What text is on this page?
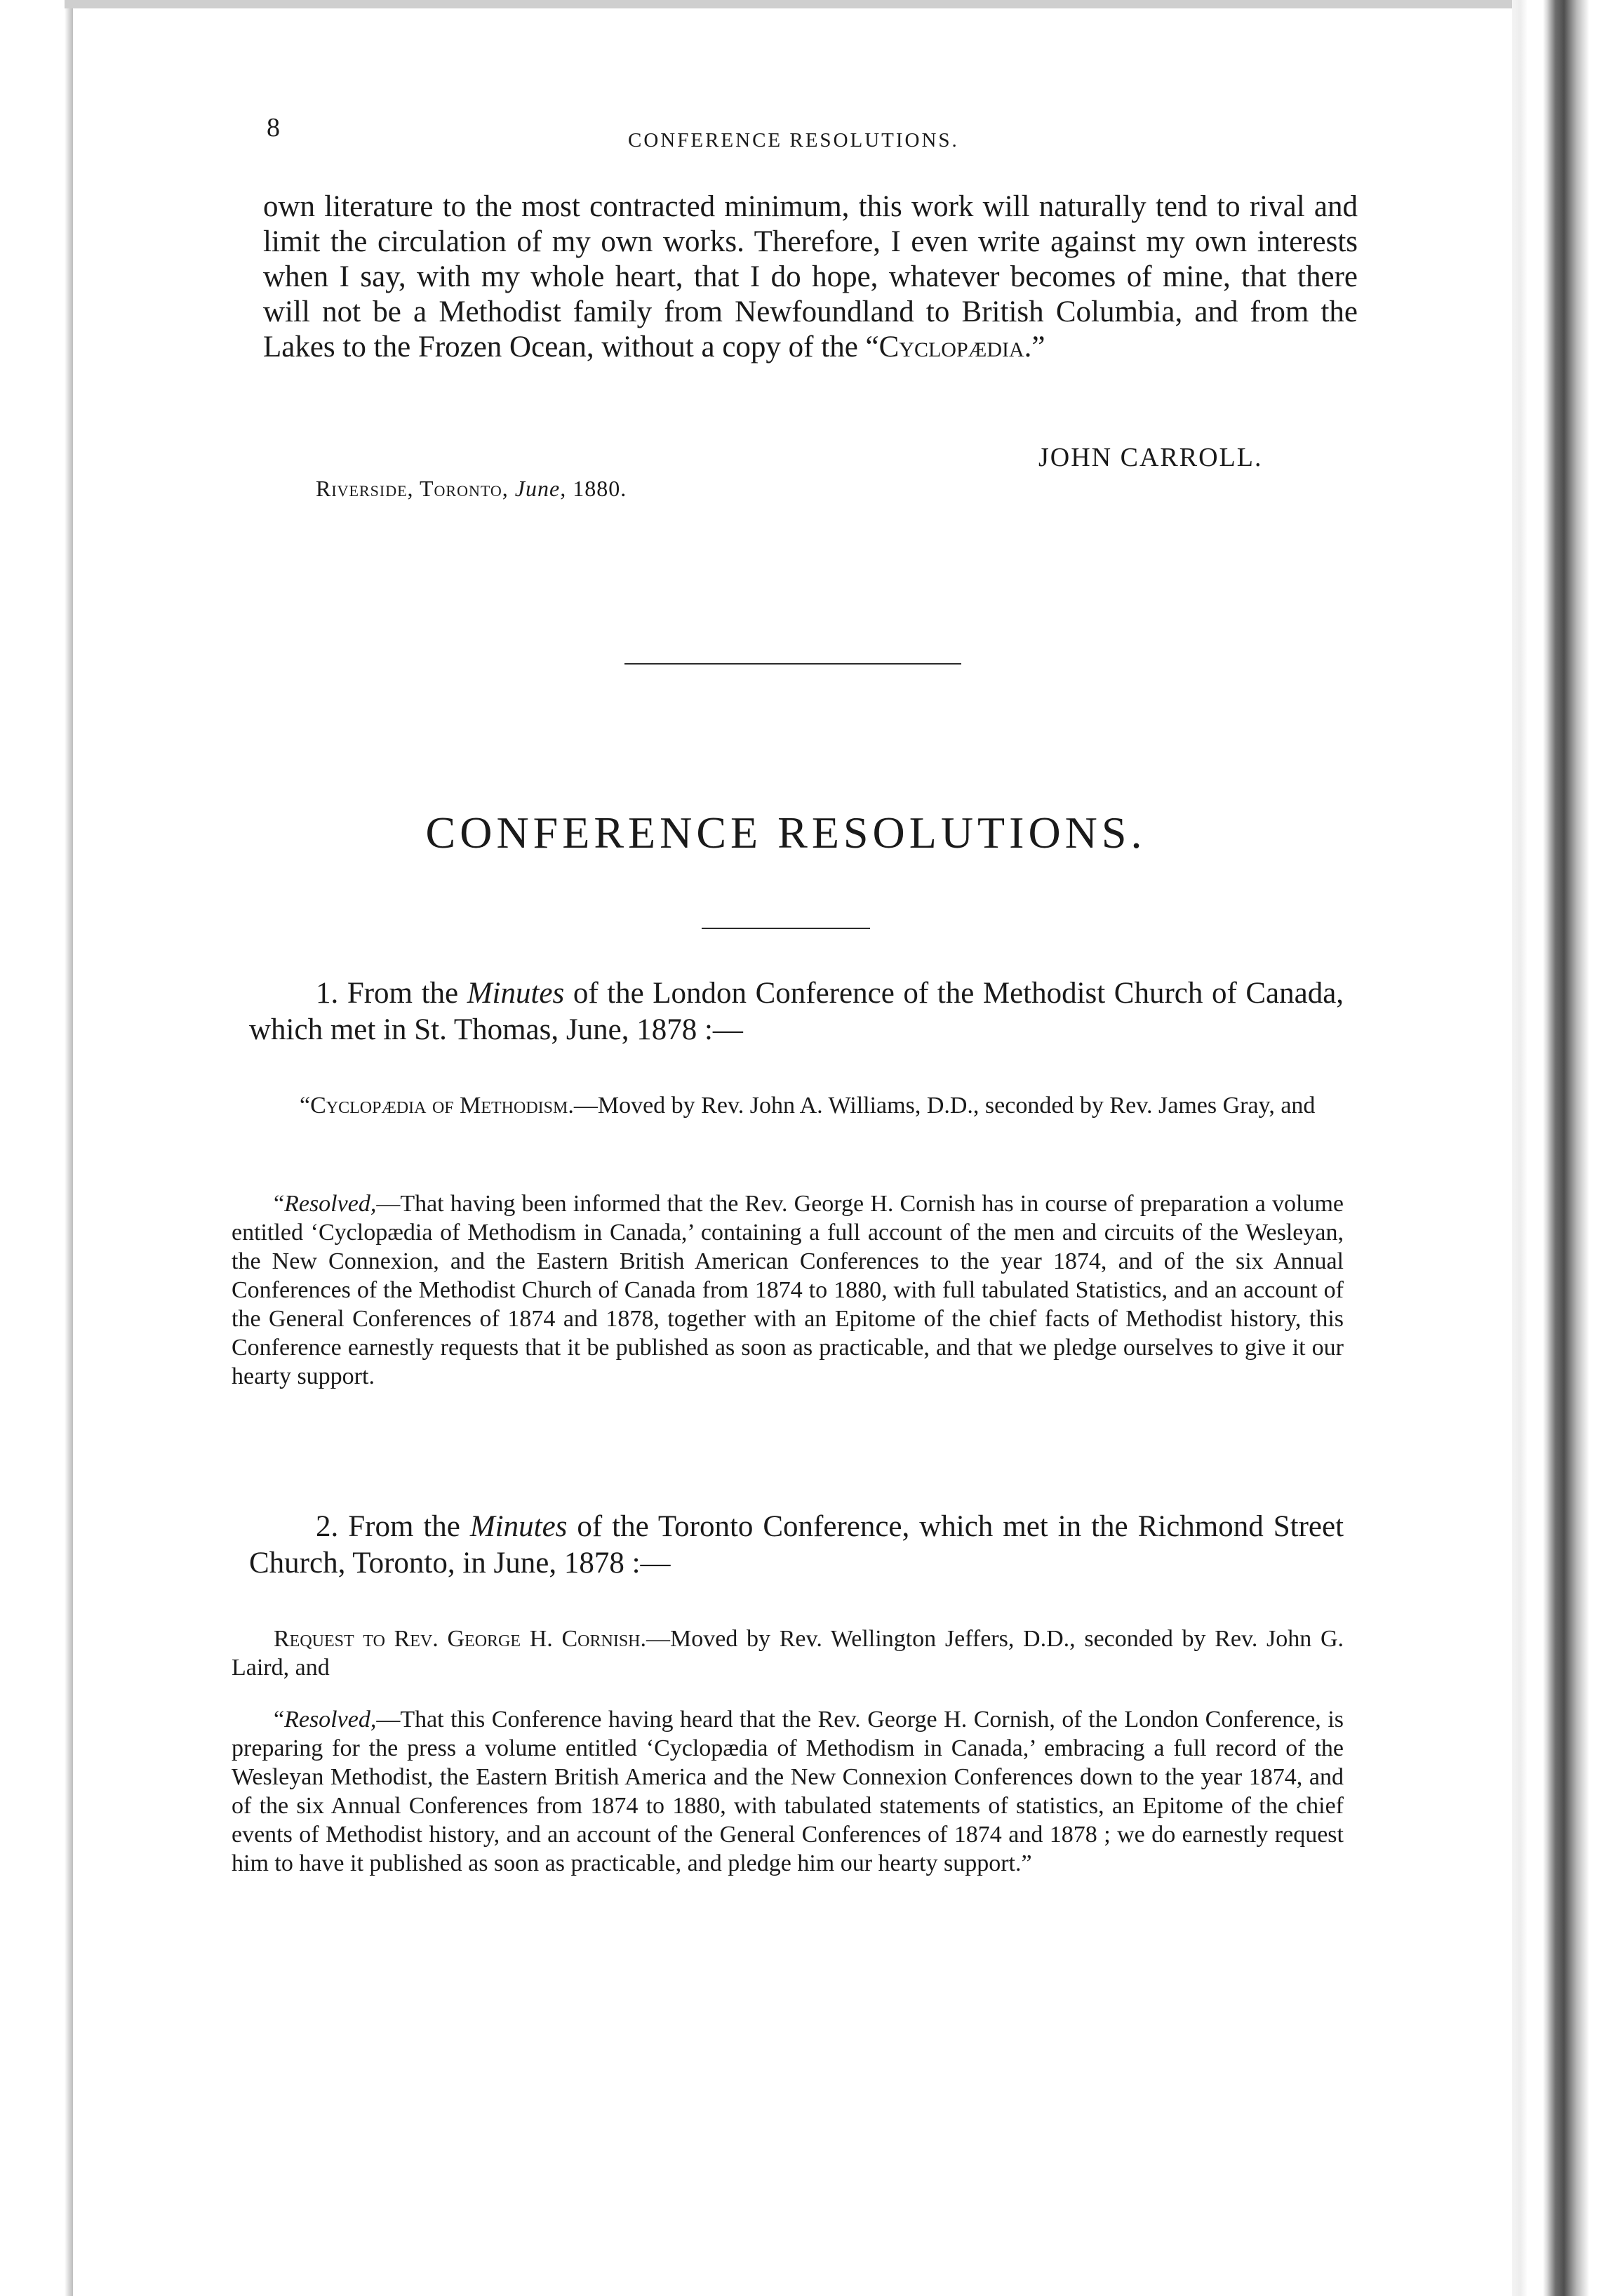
8	CONFERENCE RESOLUTIONS.
own literature to the most contracted minimum, this work will naturally tend to rival and limit the circulation of my own works. Therefore, I even write against my own interests when I say, with my whole heart, that I do hope, whatever becomes of mine, that there will not be a Methodist family from Newfoundland to British Columbia, and from the Lakes to the Frozen Ocean, without a copy of the “Cyclopædia.”
JOHN CARROLL.
Riverside, Toronto, June, 1880.
CONFERENCE RESOLUTIONS.
1. From the Minutes of the London Conference of the Methodist Church of Canada, which met in St. Thomas, June, 1878 :—
“Cyclopædia of Methodism.—Moved by Rev. John A. Williams, D.D., seconded by Rev. James Gray, and
“Resolved,—That having been informed that the Rev. George H. Cornish has in course of preparation a volume entitled ‘Cyclopædia of Methodism in Canada,’ containing a full account of the men and circuits of the Wesleyan, the New Connexion, and the Eastern British American Conferences to the year 1874, and of the six Annual Conferences of the Methodist Church of Canada from 1874 to 1880, with full tabulated Statistics, and an account of the General Conferences of 1874 and 1878, together with an Epitome of the chief facts of Methodist history, this Conference earnestly requests that it be published as soon as practicable, and that we pledge ourselves to give it our hearty support.
2. From the Minutes of the Toronto Conference, which met in the Richmond Street Church, Toronto, in June, 1878 :—
Request to Rev. George H. Cornish.—Moved by Rev. Wellington Jeffers, D.D., seconded by Rev. John G. Laird, and
“Resolved,—That this Conference having heard that the Rev. George H. Cornish, of the London Conference, is preparing for the press a volume entitled ‘Cyclopædia of Methodism in Canada,’ embracing a full record of the Wesleyan Methodist, the Eastern British America and the New Connexion Conferences down to the year 1874, and of the six Annual Conferences from 1874 to 1880, with tabulated statements of statistics, an Epitome of the chief events of Methodist history, and an account of the General Conferences of 1874 and 1878 ; we do earnestly request him to have it published as soon as practicable, and pledge him our hearty support.”
